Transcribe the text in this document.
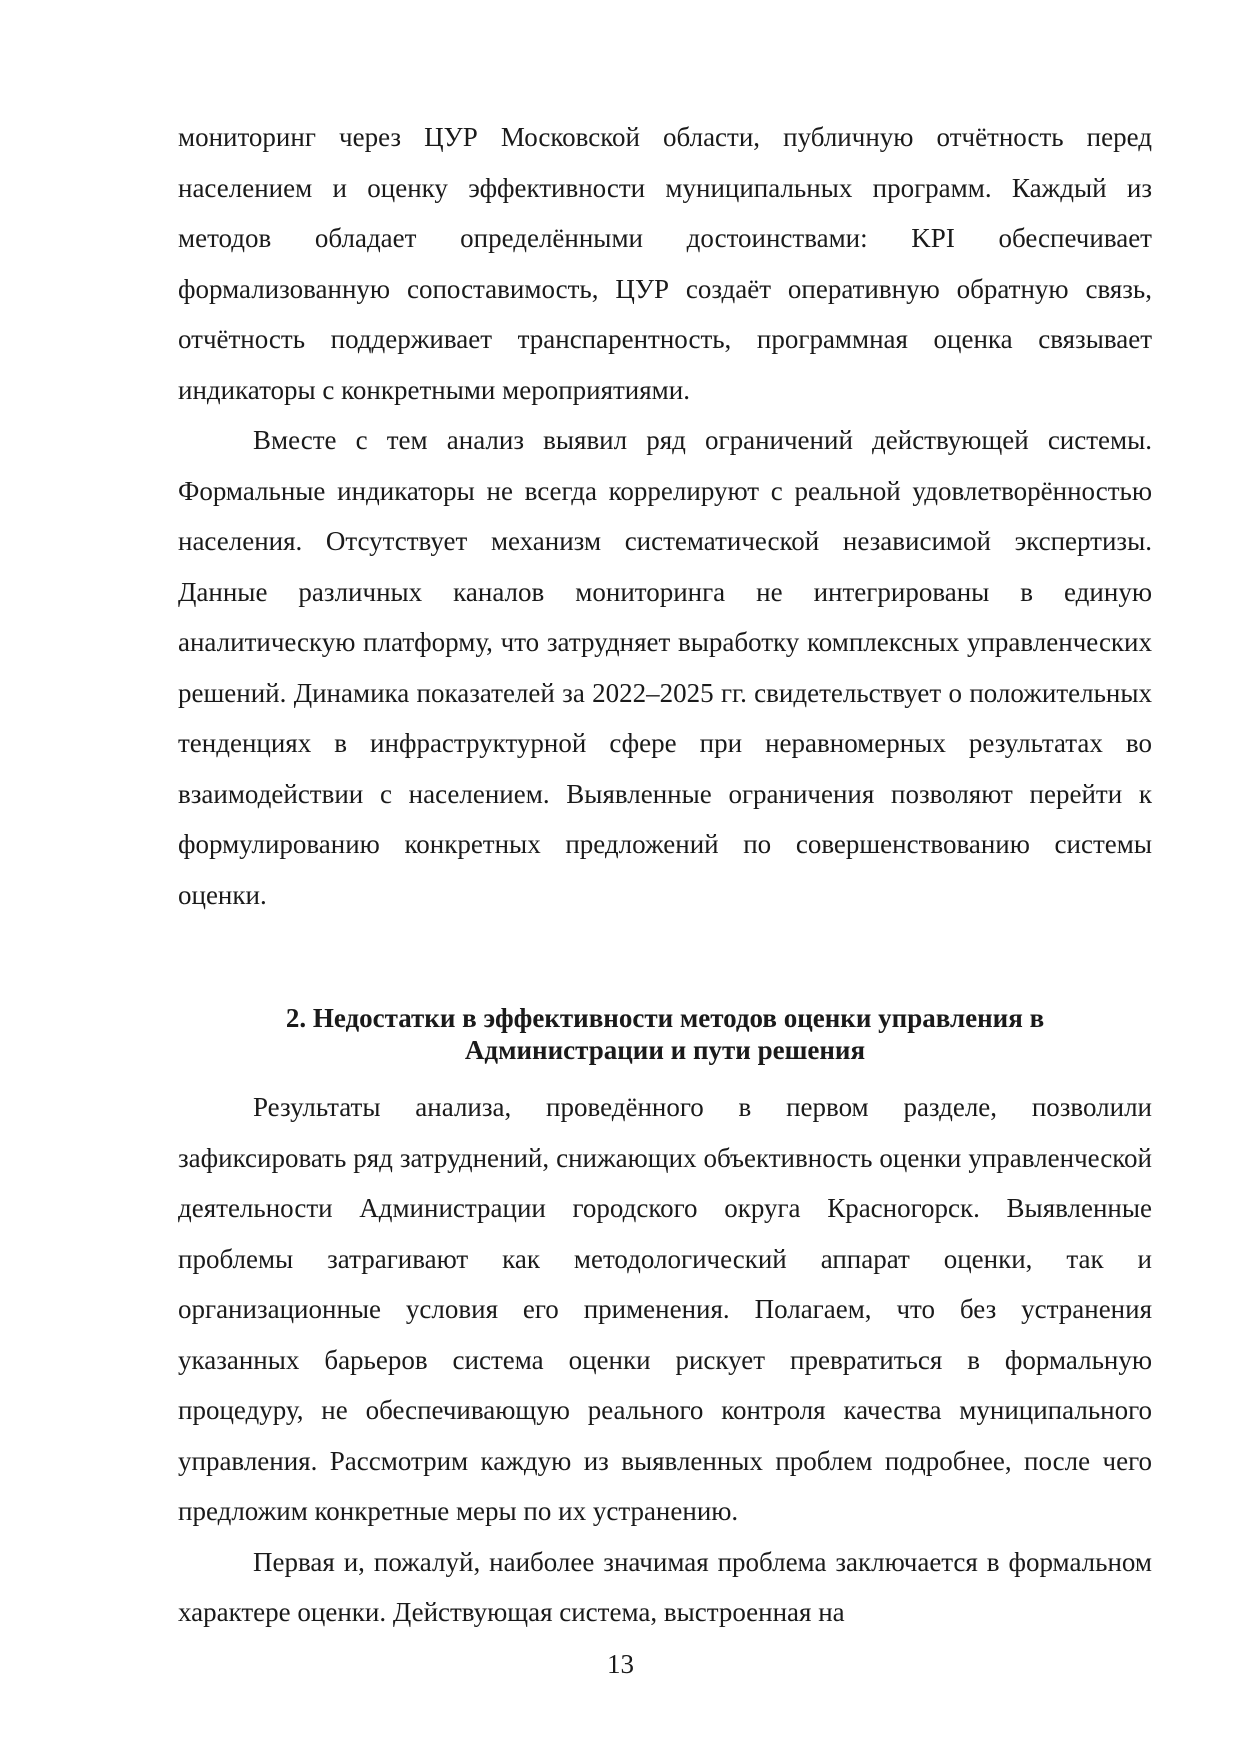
мониторинг через ЦУР Московской области, публичную отчётность перед населением и оценку эффективности муниципальных программ. Каждый из методов обладает определёнными достоинствами: KPI обеспечивает формализованную сопоставимость, ЦУР создаёт оперативную обратную связь, отчётность поддерживает транспарентность, программная оценка связывает индикаторы с конкретными мероприятиями.

Вместе с тем анализ выявил ряд ограничений действующей системы. Формальные индикаторы не всегда коррелируют с реальной удовлетворённостью населения. Отсутствует механизм систематической независимой экспертизы. Данные различных каналов мониторинга не интегрированы в единую аналитическую платформу, что затрудняет выработку комплексных управленческих решений. Динамика показателей за 2022–2025 гг. свидетельствует о положительных тенденциях в инфраструктурной сфере при неравномерных результатах во взаимодействии с населением. Выявленные ограничения позволяют перейти к формулированию конкретных предложений по совершенствованию системы оценки.

2. Недостатки в эффективности методов оценки управления в
Администрации и пути решения

Результаты анализа, проведённого в первом разделе, позволили зафиксировать ряд затруднений, снижающих объективность оценки управленческой деятельности Администрации городского округа Красногорск. Выявленные проблемы затрагивают как методологический аппарат оценки, так и организационные условия его применения. Полагаем, что без устранения указанных барьеров система оценки рискует превратиться в формальную процедуру, не обеспечивающую реального контроля качества муниципального управления. Рассмотрим каждую из выявленных проблем подробнее, после чего предложим конкретные меры по их устранению.

Первая и, пожалуй, наиболее значимая проблема заключается в формальном характере оценки. Действующая система, выстроенная на

13
